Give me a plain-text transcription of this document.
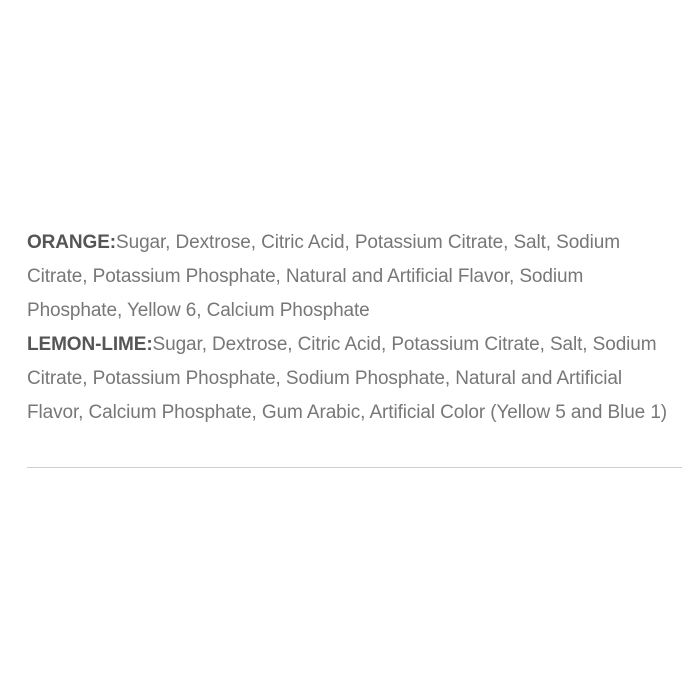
ORANGE:Sugar, Dextrose, Citric Acid, Potassium Citrate, Salt, Sodium Citrate, Potassium Phosphate, Natural and Artificial Flavor, Sodium Phosphate, Yellow 6, Calcium Phosphate

LEMON-LIME:Sugar, Dextrose, Citric Acid, Potassium Citrate, Salt, Sodium Citrate, Potassium Phosphate, Sodium Phosphate, Natural and Artificial Flavor, Calcium Phosphate, Gum Arabic, Artificial Color (Yellow 5 and Blue 1)
